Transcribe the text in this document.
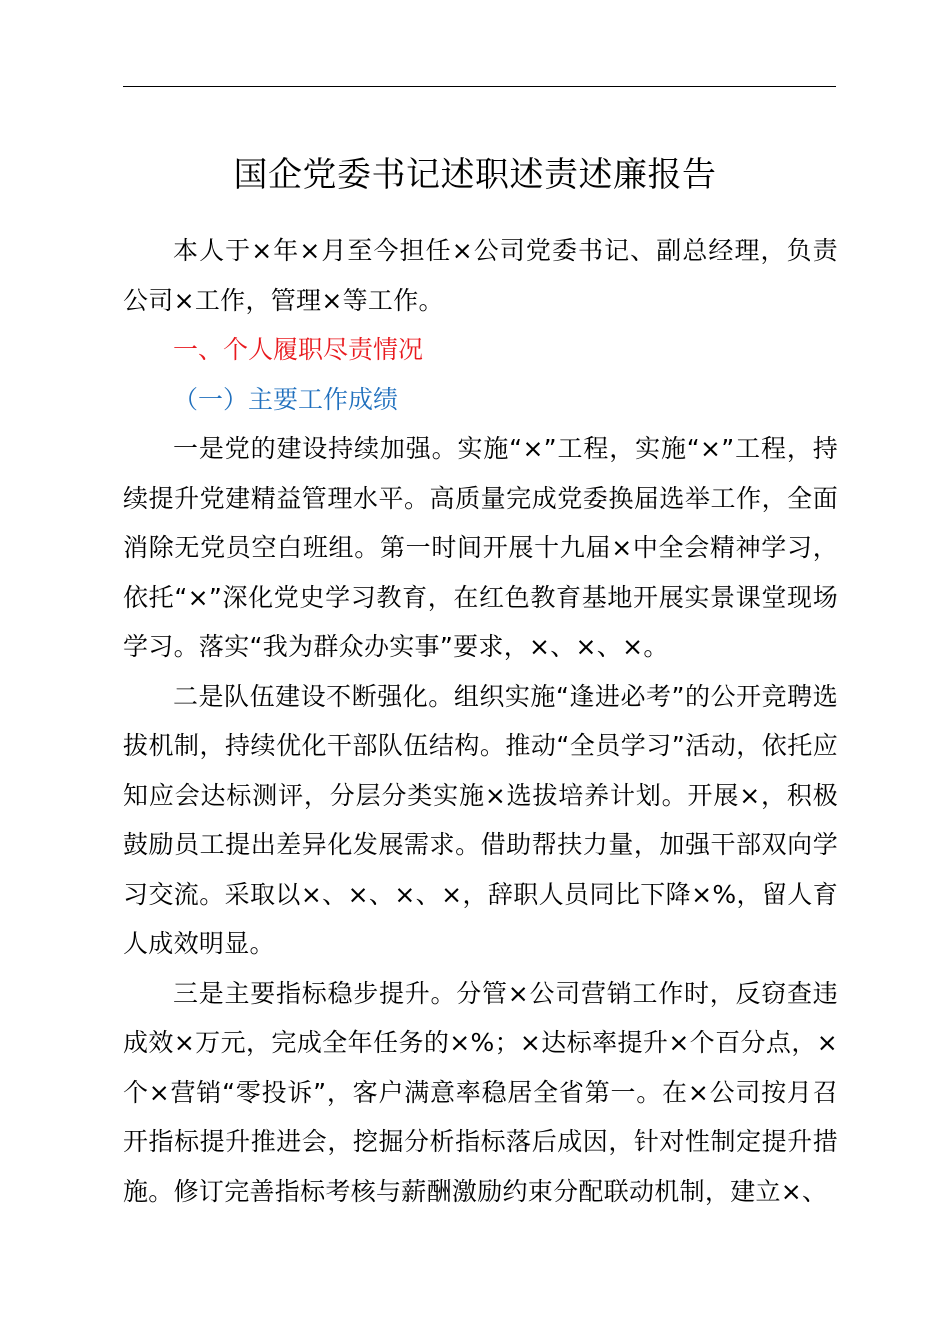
国企党委书记述职述责述廉报告

本人于×年×月至今担任×公司党委书记、副总经理，负责公司×工作，管理×等工作。

一、个人履职尽责情况

（一）主要工作成绩

一是党的建设持续加强。实施“×”工程，实施“×”工程，持续提升党建精益管理水平。高质量完成党委换届选举工作，全面消除无党员空白班组。第一时间开展十九届×中全会精神学习，依托“×”深化党史学习教育，在红色教育基地开展实景课堂现场学习。落实“我为群众办实事”要求，×、×、×。

二是队伍建设不断强化。组织实施“逢进必考”的公开竞聘选拔机制，持续优化干部队伍结构。推动“全员学习”活动，依托应知应会达标测评，分层分类实施×选拔培养计划。开展×，积极鼓励员工提出差异化发展需求。借助帮扶力量，加强干部双向学习交流。采取以×、×、×、×，辞职人员同比下降×%，留人育人成效明显。

三是主要指标稳步提升。分管×公司营销工作时，反窃查违成效×万元，完成全年任务的×%；×达标率提升×个百分点，×个×营销“零投诉”，客户满意率稳居全省第一。在×公司按月召开指标提升推进会，挖掘分析指标落后成因，针对性制定提升措施。修订完善指标考核与薪酬激励约束分配联动机制，建立×、
